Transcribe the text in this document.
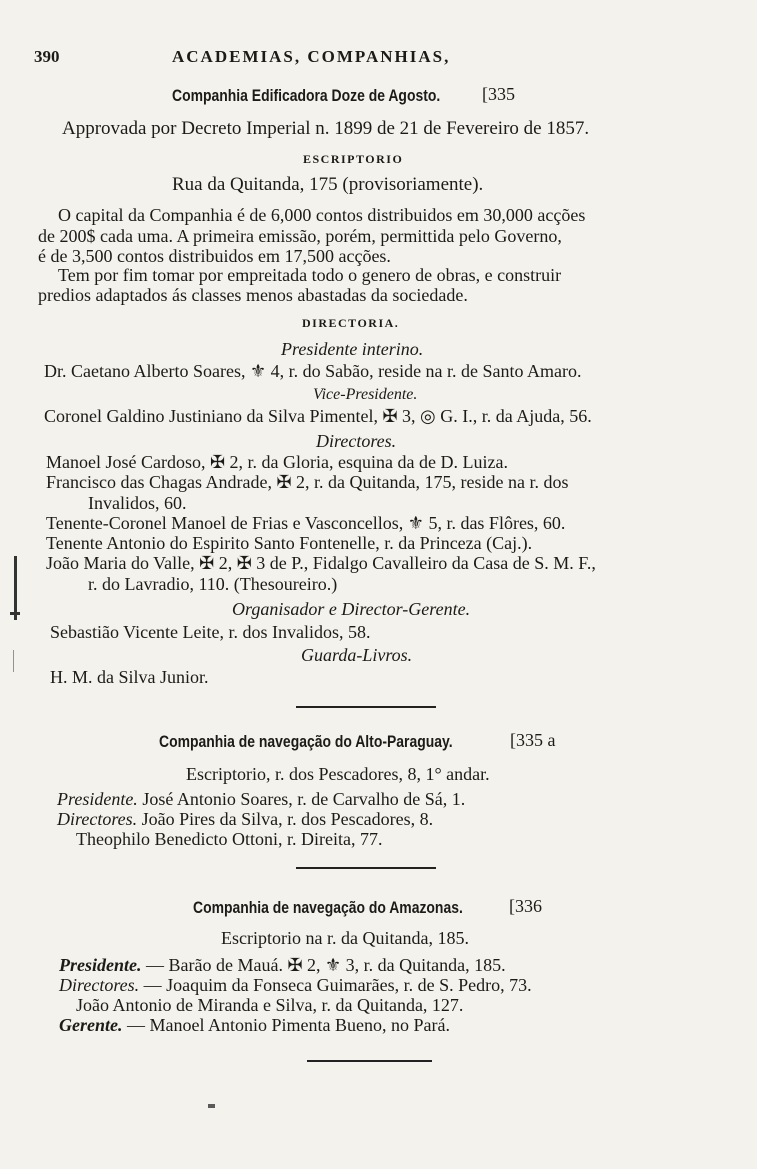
390	ACADEMIAS, COMPANHIAS,
Companhia Edificadora Doze de Agosto. [335
Approvada por Decreto Imperial n. 1899 de 21 de Fevereiro de 1857.
ESCRIPTORIO
Rua da Quitanda, 175 (provisoriamente).
O capital da Companhia é de 6,000 contos distribuidos em 30,000 acções
de 200$ cada uma. A primeira emissão, porém, permittida pelo Governo,
é de 3,500 contos distribuidos em 17,500 acções.
Tem por fim tomar por empreitada todo o genero de obras, e construir
predios adaptados ás classes menos abastadas da sociedade.
DIRECTORIA.
Presidente interino.
Dr. Caetano Alberto Soares, ⚜ 4, r. do Sabão, reside na r. de Santo Amaro.
Vice-Presidente.
Coronel Galdino Justiniano da Silva Pimentel, ✠ 3, ◎ G. I., r. da Ajuda, 56.
Directores.
Manoel José Cardoso, ✠ 2, r. da Gloria, esquina da de D. Luiza.
Francisco das Chagas Andrade, ✠ 2, r. da Quitanda, 175, reside na r. dos
Invalidos, 60.
Tenente-Coronel Manoel de Frias e Vasconcellos, ⚜ 5, r. das Flôres, 60.
Tenente Antonio do Espirito Santo Fontenelle, r. da Princeza (Caj.).
João Maria do Valle, ✠ 2, ✠ 3 de P., Fidalgo Cavalleiro da Casa de S. M. F.,
r. do Lavradio, 110. (Thesoureiro.)
Organisador e Director-Gerente.
Sebastião Vicente Leite, r. dos Invalidos, 58.
Guarda-Livros.
H. M. da Silva Junior.
Companhia de navegação do Alto-Paraguay.	[335 a
Escriptorio, r. dos Pescadores, 8, 1° andar.
Presidente. José Antonio Soares, r. de Carvalho de Sá, 1.
Directores. João Pires da Silva, r. dos Pescadores, 8.
Theophilo Benedicto Ottoni, r. Direita, 77.
Companhia de navegação do Amazonas.	[336
Escriptorio na r. da Quitanda, 185.
Presidente. — Barão de Mauá. ✠ 2, ⚜ 3, r. da Quitanda, 185.
Directores. — Joaquim da Fonseca Guimarães, r. de S. Pedro, 73.
João Antonio de Miranda e Silva, r. da Quitanda, 127.
Gerente. — Manoel Antonio Pimenta Bueno, no Pará.
